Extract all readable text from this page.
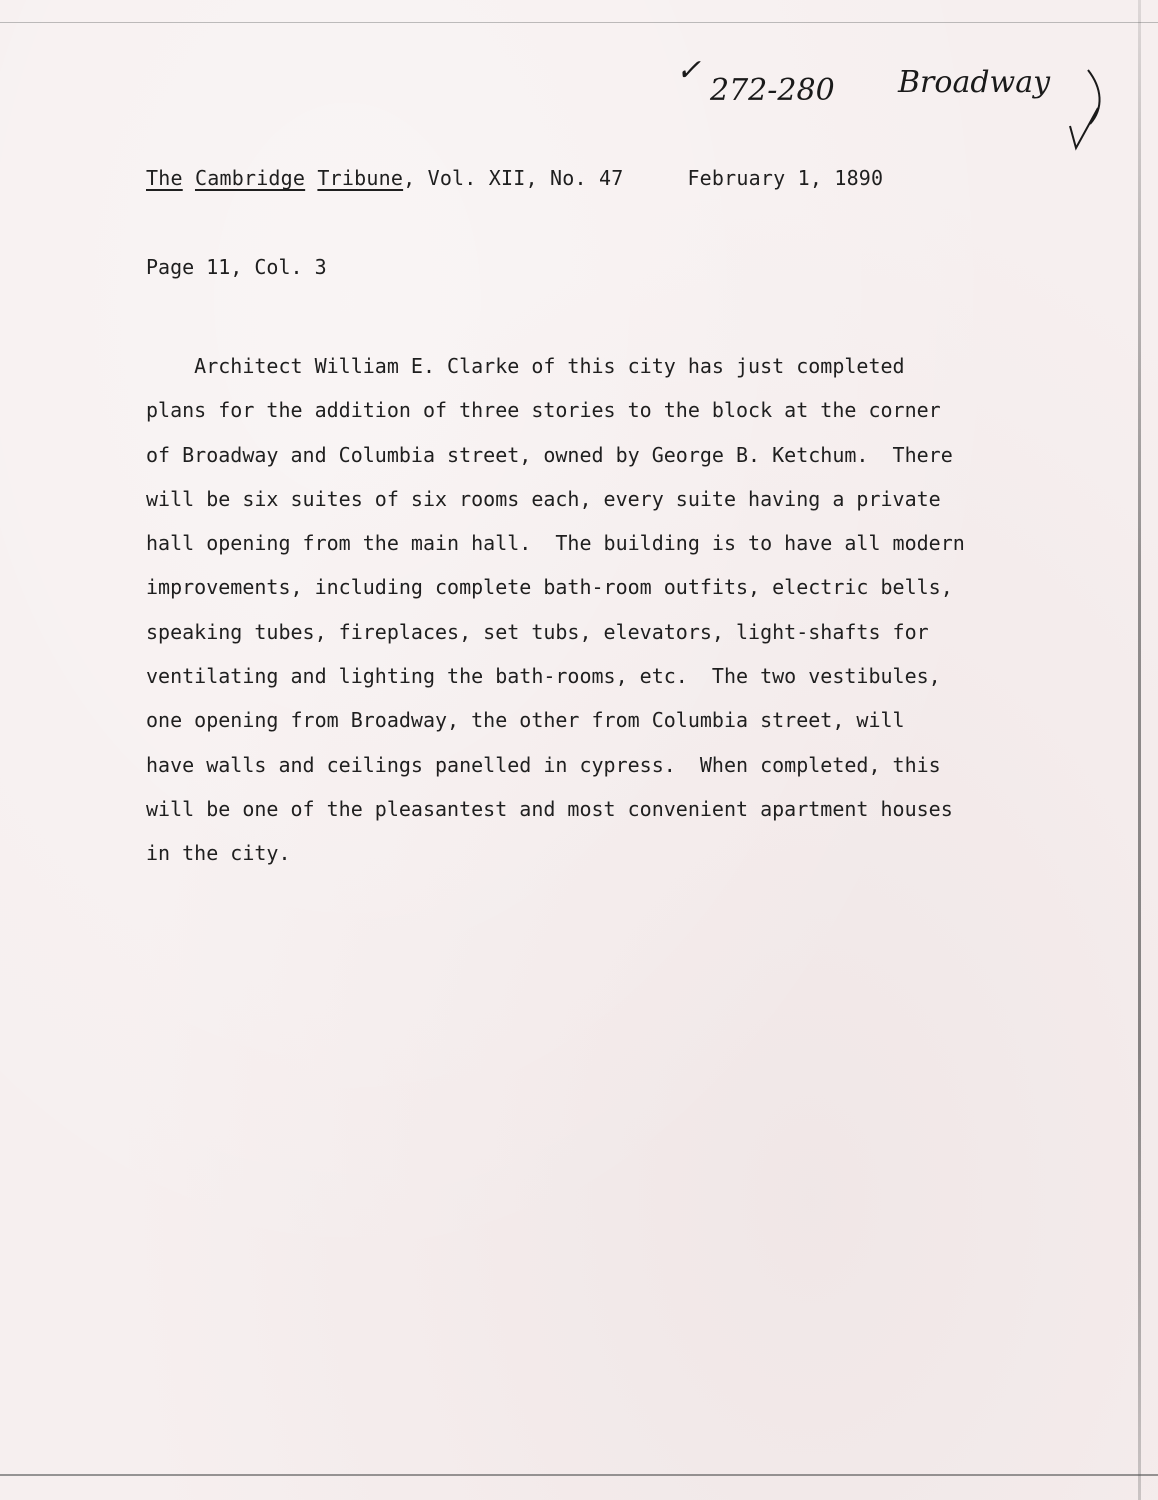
✓
272-280 Broadway
The Cambridge Tribune, Vol. XII, No. 47	February 1, 1890
Page 11, Col. 3
Architect William E. Clarke of this city has just completed
plans for the addition of three stories to the block at the corner
of Broadway and Columbia street, owned by George B. Ketchum.  There
will be six suites of six rooms each, every suite having a private
hall opening from the main hall.  The building is to have all modern
improvements, including complete bath-room outfits, electric bells,
speaking tubes, fireplaces, set tubs, elevators, light-shafts for
ventilating and lighting the bath-rooms, etc.  The two vestibules,
one opening from Broadway, the other from Columbia street, will
have walls and ceilings panelled in cypress.  When completed, this
will be one of the pleasantest and most convenient apartment houses
in the city.
